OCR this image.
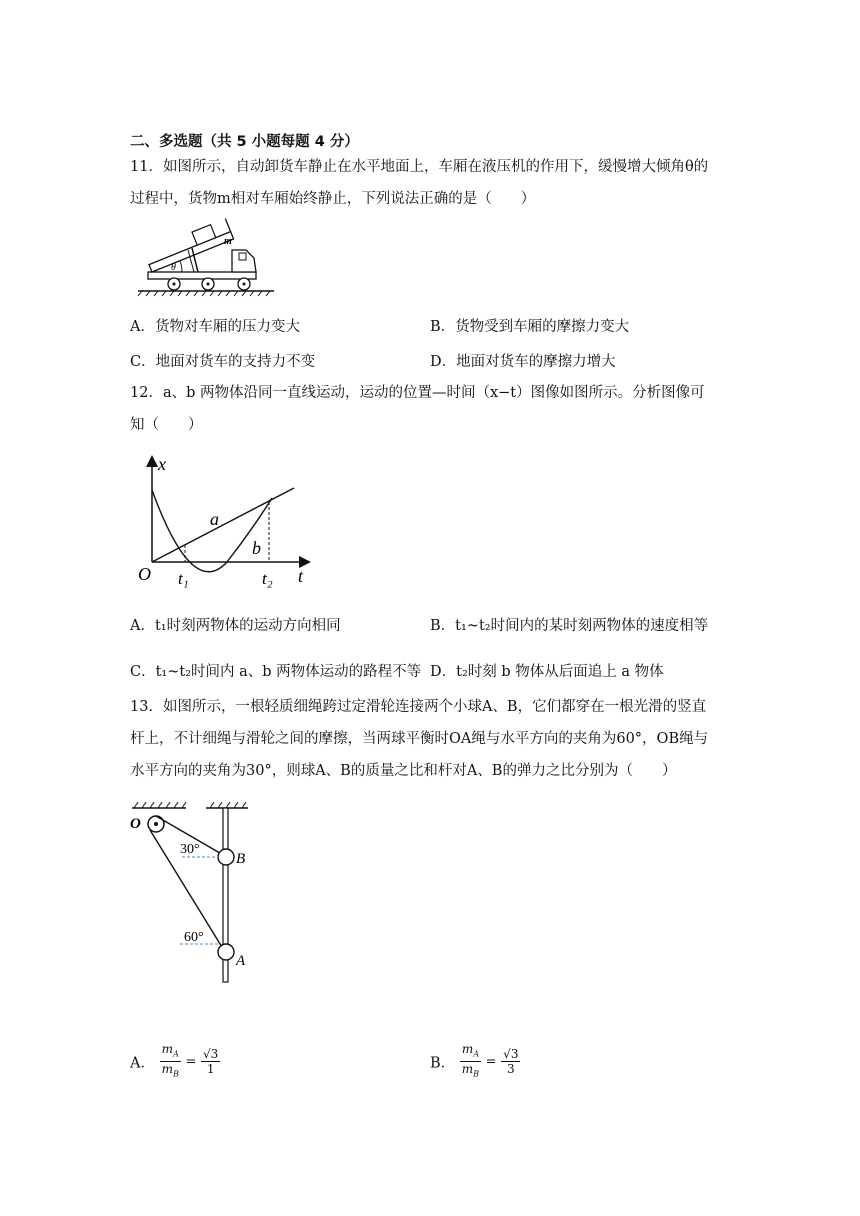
二、多选题（共 5 小题每题 4 分）
11．如图所示，自动卸货车静止在水平地面上，车厢在液压机的作用下，缓慢增大倾角θ的
过程中，货物m相对车厢始终静止，下列说法正确的是（　　）
θ
m
A．货物对车厢的压力变大	B．货物受到车厢的摩擦力变大
C．地面对货车的支持力不变	D．地面对货车的摩擦力增大
12．a、b 两物体沿同一直线运动，运动的位置—时间（x−t）图像如图所示。分析图像可
知（　　）
x
t
O
a
b
t₁	t₂
A．t₁时刻两物体的运动方向相同	B．t₁~t₂时间内的某时刻两物体的速度相等
C．t₁~t₂时间内 a、b 两物体运动的路程不等 D．t₂时刻 b 物体从后面追上 a 物体
13．如图所示，一根轻质细绳跨过定滑轮连接两个小球A、B，它们都穿在一根光滑的竖直
杆上，不计细绳与滑轮之间的摩擦，当两球平衡时OA绳与水平方向的夹角为60°，OB绳与
水平方向的夹角为30°，则球A、B的质量之比和杆对A、B的弹力之比分别为（　　）
O
B
A
30°
60°
A． $\frac{m_A}{m_B} = \frac{√3}{1}$	B． $\frac{m_A}{m_B} = \frac{√3}{3}$
